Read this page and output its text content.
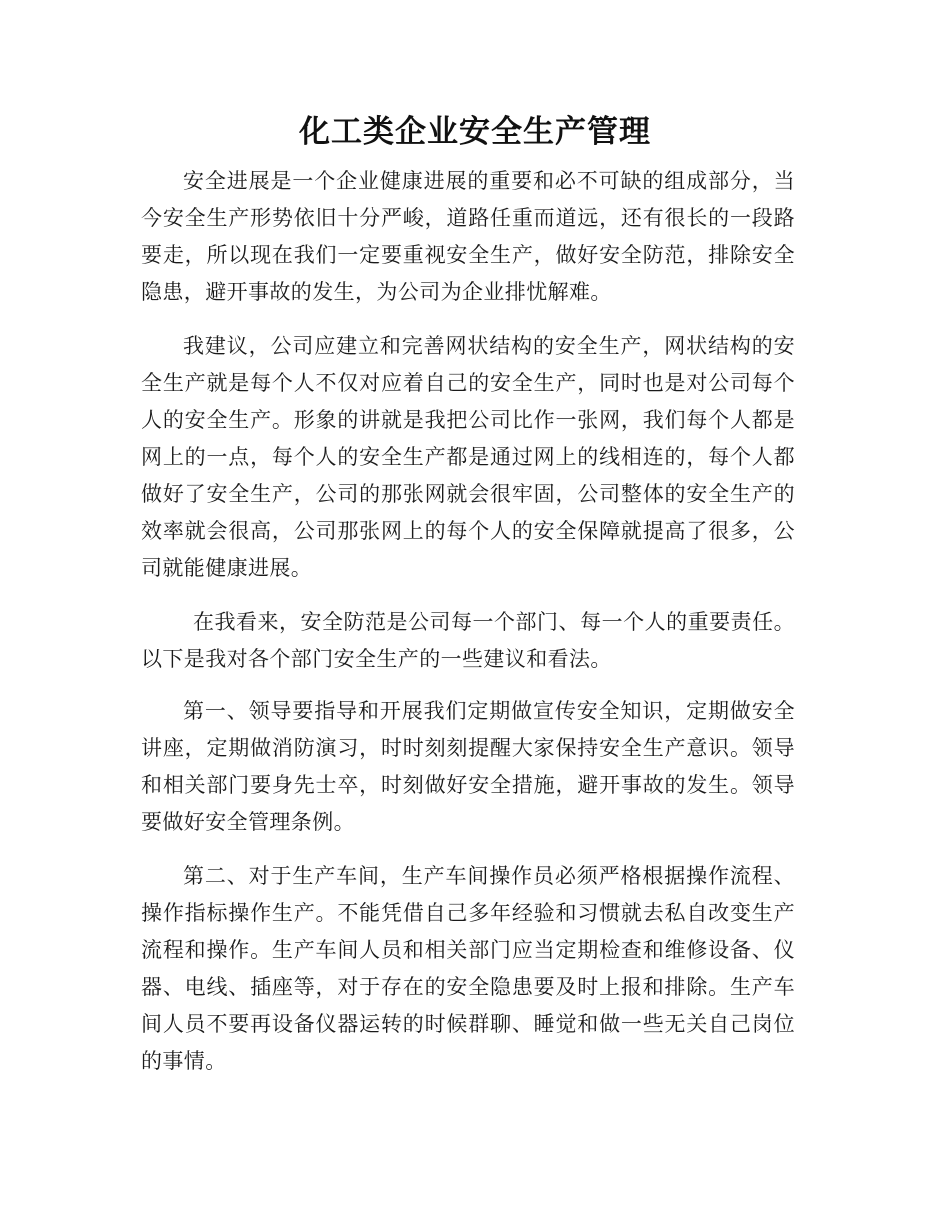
化工类企业安全生产管理

安全进展是一个企业健康进展的重要和必不可缺的组成部分，当今安全生产形势依旧十分严峻，道路任重而道远，还有很长的一段路要走，所以现在我们一定要重视安全生产，做好安全防范，排除安全隐患，避开事故的发生，为公司为企业排忧解难。

我建议，公司应建立和完善网状结构的安全生产，网状结构的安全生产就是每个人不仅对应着自己的安全生产，同时也是对公司每个人的安全生产。形象的讲就是我把公司比作一张网，我们每个人都是网上的一点，每个人的安全生产都是通过网上的线相连的，每个人都做好了安全生产，公司的那张网就会很牢固，公司整体的安全生产的效率就会很高，公司那张网上的每个人的安全保障就提高了很多，公司就能健康进展。

在我看来，安全防范是公司每一个部门、每一个人的重要责任。以下是我对各个部门安全生产的一些建议和看法。

第一、领导要指导和开展我们定期做宣传安全知识，定期做安全讲座，定期做消防演习，时时刻刻提醒大家保持安全生产意识。领导和相关部门要身先士卒，时刻做好安全措施，避开事故的发生。领导要做好安全管理条例。

第二、对于生产车间，生产车间操作员必须严格根据操作流程、操作指标操作生产。不能凭借自己多年经验和习惯就去私自改变生产流程和操作。生产车间人员和相关部门应当定期检查和维修设备、仪器、电线、插座等，对于存在的安全隐患要及时上报和排除。生产车间人员不要再设备仪器运转的时候群聊、睡觉和做一些无关自己岗位的事情。
